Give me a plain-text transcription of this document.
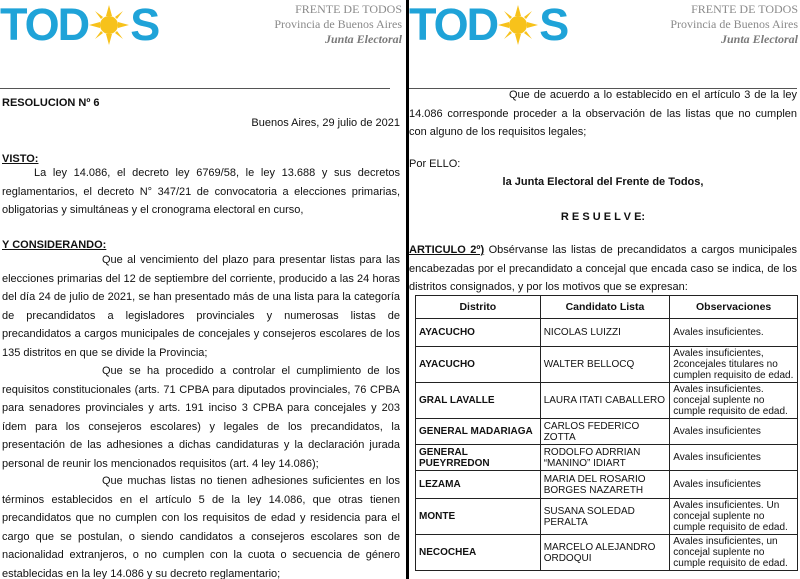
TOD S	FRENTE DE TODOS
Provincia de Buenos Aires
Junta Electoral
RESOLUCION Nº 6
Buenos Aires, 29 julio de 2021
VISTO:
La ley 14.086, el decreto ley 6769/58, le ley 13.688 y sus decretos reglamentarios, el decreto N° 347/21 de convocatoria a elecciones primarias, obligatorias y simultáneas y el cronograma electoral en curso,
Y CONSIDERANDO:
Que al vencimiento del plazo para presentar listas para las elecciones primarias del 12 de septiembre del corriente, producido a las 24 horas del día 24 de julio de 2021, se han presentado más de una lista para la categoría de precandidatos a legisladores provinciales y numerosas listas de precandidatos a cargos municipales de concejales y consejeros escolares de los 135 distritos en que se divide la Provincia;
Que se ha procedido a controlar el cumplimiento de los requisitos constitucionales (arts. 71 CPBA para diputados provinciales, 76 CPBA para senadores provinciales y arts. 191 inciso 3 CPBA para concejales y 203 ídem para los consejeros escolares) y legales de los precandidatos, la presentación de las adhesiones a dichas candidaturas y la declaración jurada personal de reunir los mencionados requisitos (art. 4 ley 14.086);
Que muchas listas no tienen adhesiones suficientes en los términos establecidos en el artículo 5 de la ley 14.086, que otras tienen precandidatos que no cumplen con los requisitos de edad y residencia para el cargo que se postulan, o siendo candidatos a consejeros escolares son de nacionalidad extranjeros, o no cumplen con la cuota o secuencia de género establecidas en la ley 14.086 y su decreto reglamentario;
TOD S	FRENTE DE TODOS
Provincia de Buenos Aires
Junta Electoral
Que de acuerdo a lo establecido en el artículo 3 de la ley 14.086 corresponde proceder a la observación de las listas que no cumplen con alguno de los requisitos legales;
Por ELLO:
la Junta Electoral del Frente de Todos,
R E S U E L V E:
ARTICULO 2º) Obsérvanse las listas de precandidatos a cargos municipales encabezadas por el precandidato a concejal que encada caso se indica, de los distritos consignados, y por los motivos que se expresan:
Distrito	Candidato Lista	Observaciones
AYACUCHO	NICOLAS LUIZZI	Avales insuficientes.
AYACUCHO	WALTER BELLOCQ	Avales insuficientes, 2concejales titulares no cumplen requisito de edad.
GRAL LAVALLE	LAURA ITATI CABALLERO	Avales insuficientes. concejal suplente no cumple requisito de edad.
GENERAL MADARIAGA	CARLOS FEDERICO ZOTTA	Avales insuficientes
GENERAL PUEYRREDON	RODOLFO ADRRIAN “MANINO” IDIART	Avales insuficientes
LEZAMA	MARIA DEL ROSARIO BORGES NAZARETH	Avales insuficientes
MONTE	SUSANA SOLEDAD PERALTA	Avales insuficientes. Un concejal suplente no cumple requisito de edad.
NECOCHEA	MARCELO ALEJANDRO ORDOQUI	Avales insuficientes, un concejal suplente no cumple requisito de edad.
